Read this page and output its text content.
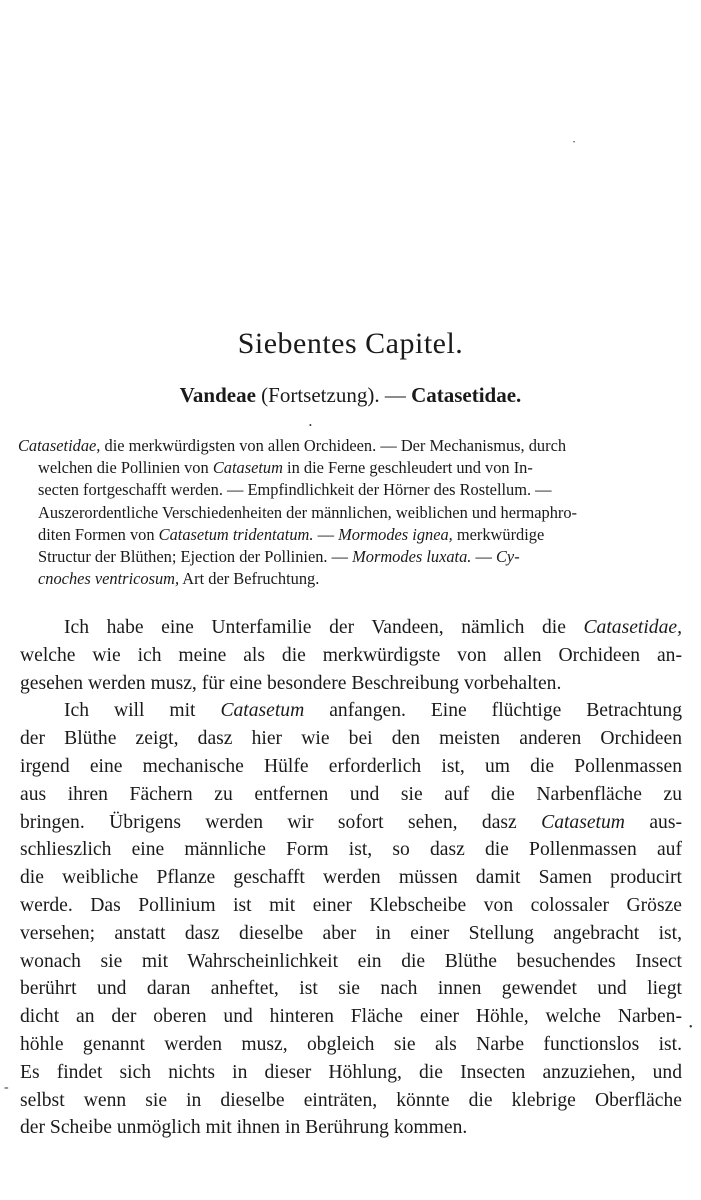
•
Siebentes Capitel.
Vandeae (Fortsetzung). — Catasetidae.
•
Catasetidae, die merkwürdigsten von allen Orchideen. — Der Mechanismus, durch
welchen die Pollinien von Catasetum in die Ferne geschleudert und von In-
secten fortgeschafft werden. — Empfindlichkeit der Hörner des Rostellum. —
Auszerordentliche Verschiedenheiten der männlichen, weiblichen und hermaphro-
diten Formen von Catasetum tridentatum. — Mormodes ignea, merkwürdige
Structur der Blüthen; Ejection der Pollinien. — Mormodes luxata. — Cy-
cnoches ventricosum, Art der Befruchtung.
Ich habe eine Unterfamilie der Vandeen, nämlich die Catasetidae,
welche wie ich meine als die merkwürdigste von allen Orchideen an-
gesehen werden musz, für eine besondere Beschreibung vorbehalten.
Ich will mit Catasetum anfangen. Eine flüchtige Betrachtung
der Blüthe zeigt, dasz hier wie bei den meisten anderen Orchideen
irgend eine mechanische Hülfe erforderlich ist, um die Pollenmassen
aus ihren Fächern zu entfernen und sie auf die Narbenfläche zu
bringen. Übrigens werden wir sofort sehen, dasz Catasetum aus-
schlieszlich eine männliche Form ist, so dasz die Pollenmassen auf
die weibliche Pflanze geschafft werden müssen damit Samen producirt
werde. Das Pollinium ist mit einer Klebscheibe von colossaler Grösze
versehen; anstatt dasz dieselbe aber in einer Stellung angebracht ist,
wonach sie mit Wahrscheinlichkeit ein die Blüthe besuchendes Insect
berührt und daran anheftet, ist sie nach innen gewendet und liegt
dicht an der oberen und hinteren Fläche einer Höhle, welche Narben-
höhle genannt werden musz, obgleich sie als Narbe functionslos ist.
Es findet sich nichts in dieser Höhlung, die Insecten anzuziehen, und
selbst wenn sie in dieselbe einträten, könnte die klebrige Oberfläche
der Scheibe unmöglich mit ihnen in Berührung kommen.
•
-
